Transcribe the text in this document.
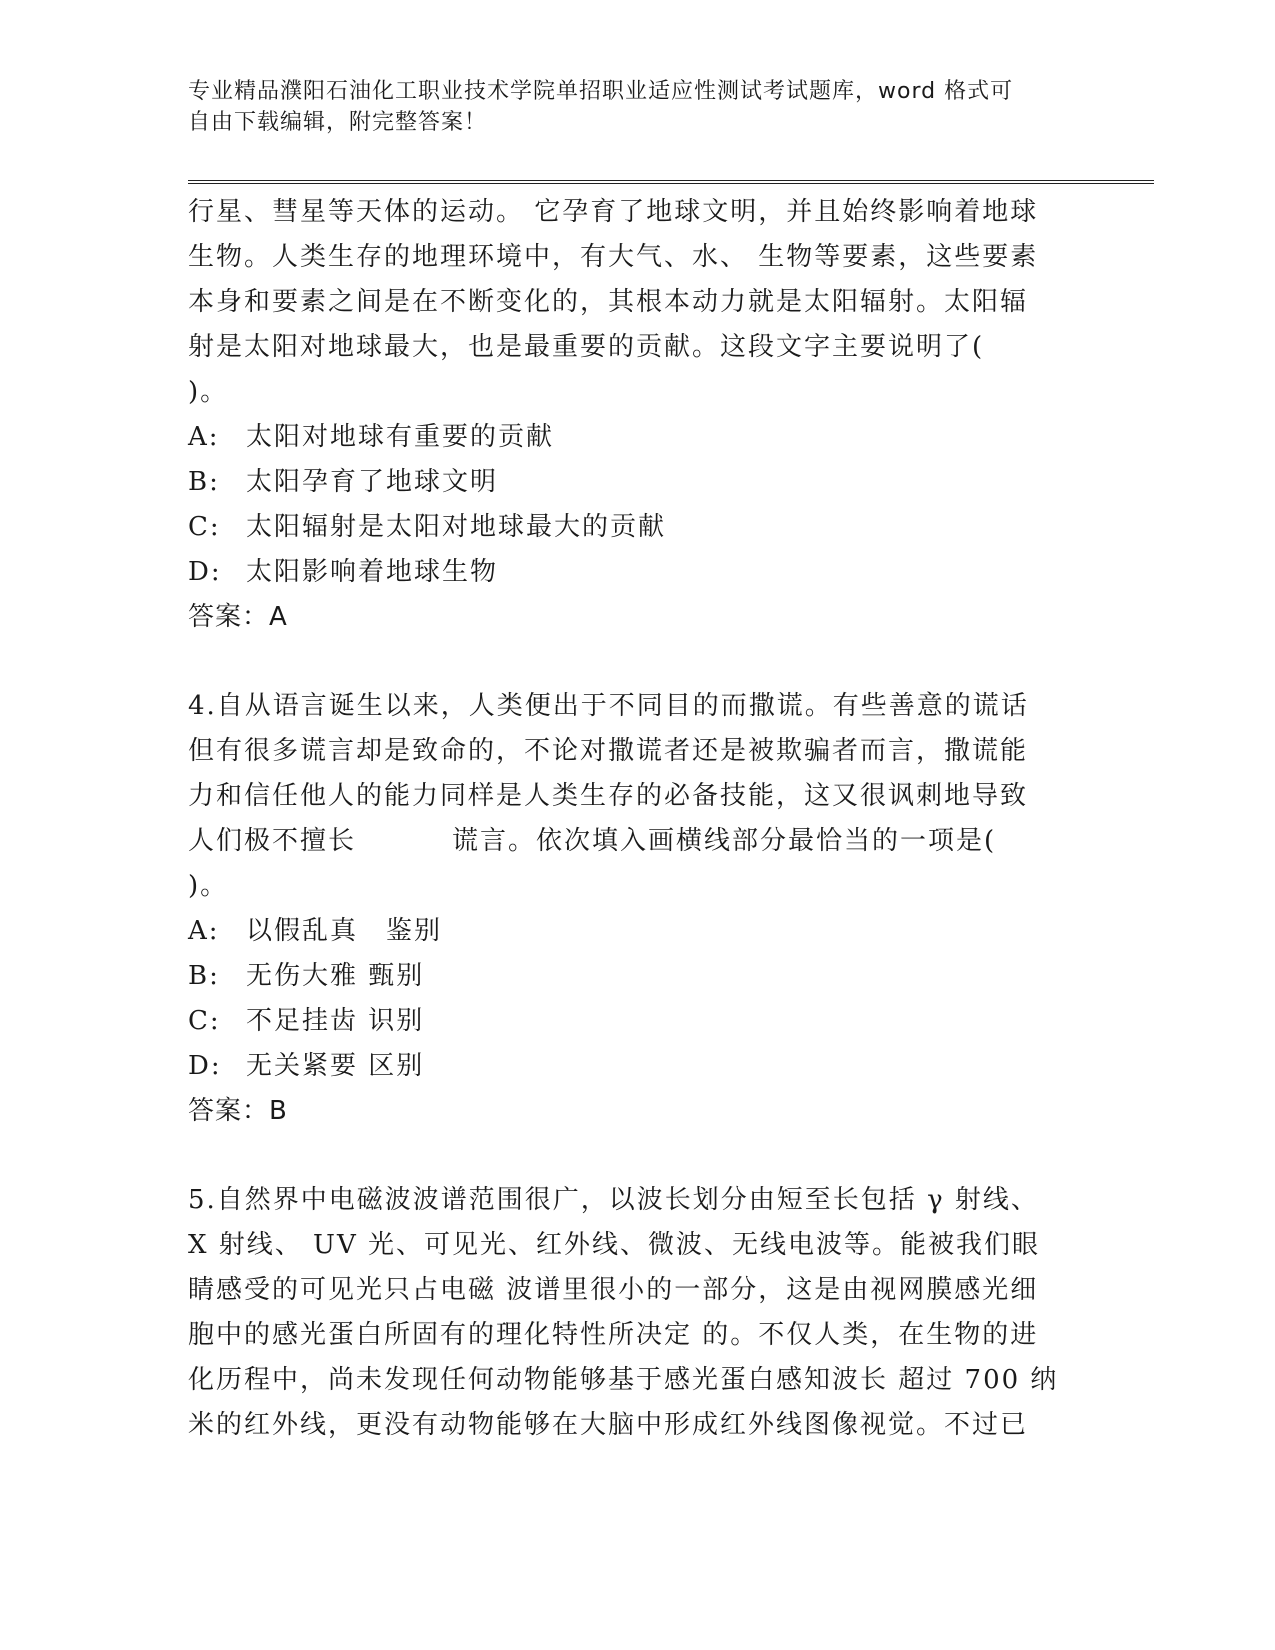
专业精品濮阳石油化工职业技术学院单招职业适应性测试考试题库，word 格式可
自由下载编辑，附完整答案！

行星、彗星等天体的运动。 它孕育了地球文明，并且始终影响着地球

生物。人类生存的地理环境中，有大气、水、 生物等要素，这些要素

本身和要素之间是在不断变化的，其根本动力就是太阳辐射。太阳辐

射是太阳对地球最大，也是最重要的贡献。这段文字主要说明了(

)。

A: 太阳对地球有重要的贡献

B: 太阳孕育了地球文明

C: 太阳辐射是太阳对地球最大的贡献

D: 太阳影响着地球生物

答案：A

4.自从语言诞生以来，人类便出于不同目的而撒谎。有些善意的谎话

但有很多谎言却是致命的，不论对撒谎者还是被欺骗者而言，撒谎能

力和信任他人的能力同样是人类生存的必备技能，这又很讽刺地导致

人们极不擅长	谎言。依次填入画横线部分最恰当的一项是(

)。

A: 以假乱真　鉴别

B: 无伤大雅 甄别

C: 不足挂齿 识别

D: 无关紧要 区别

答案：B

5.自然界中电磁波波谱范围很广，以波长划分由短至长包括 γ 射线、

X 射线、 UV 光、可见光、红外线、微波、无线电波等。能被我们眼

睛感受的可见光只占电磁 波谱里很小的一部分，这是由视网膜感光细

胞中的感光蛋白所固有的理化特性所决定 的。不仅人类，在生物的进

化历程中，尚未发现任何动物能够基于感光蛋白感知波长 超过 700 纳

米的红外线，更没有动物能够在大脑中形成红外线图像视觉。不过已
